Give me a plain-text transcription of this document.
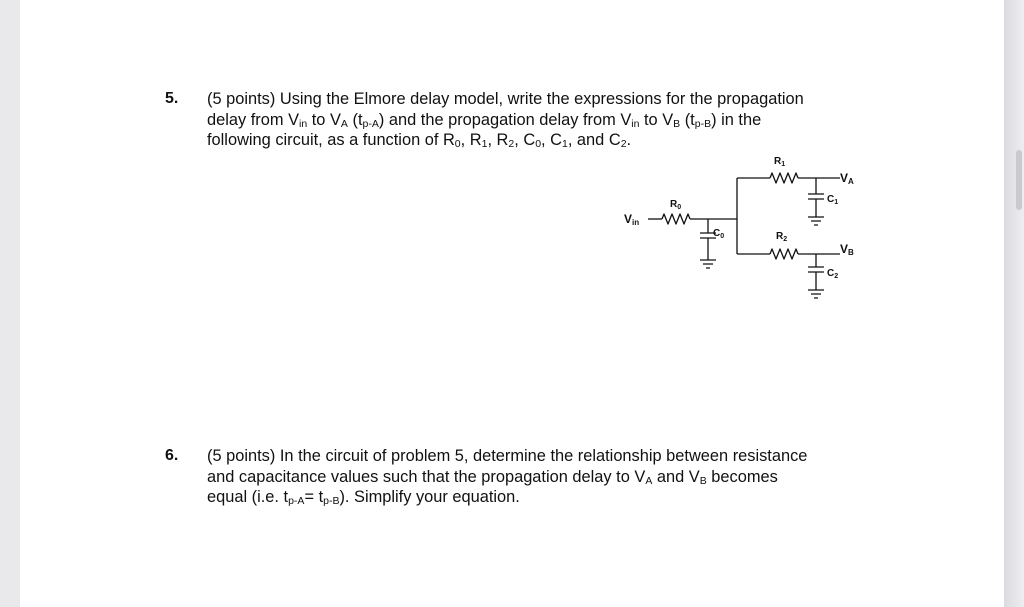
5. (5 points) Using the Elmore delay model, write the expressions for the propagation
delay from $V_{in}$ to $V_A$ $(t_{p-A})$ and the propagation delay from $V_{in}$ to $V_B$ $(t_{p-B})$ in the
following circuit, as a function of $R_0$, $R_1$, $R_2$, $C_0$, $C_1$, and $C_2$.
Vin
$R_0$
$C_0$
$R_1$
VA
$C_1$
$R_2$
VB
$C_2$
6. (5 points) In the circuit of problem 5, determine the relationship between resistance
and capacitance values such that the propagation delay to $V_A$ and $V_B$ becomes
equal (i.e. $t_{p-A}= t_{p-B}$). Simplify your equation.
